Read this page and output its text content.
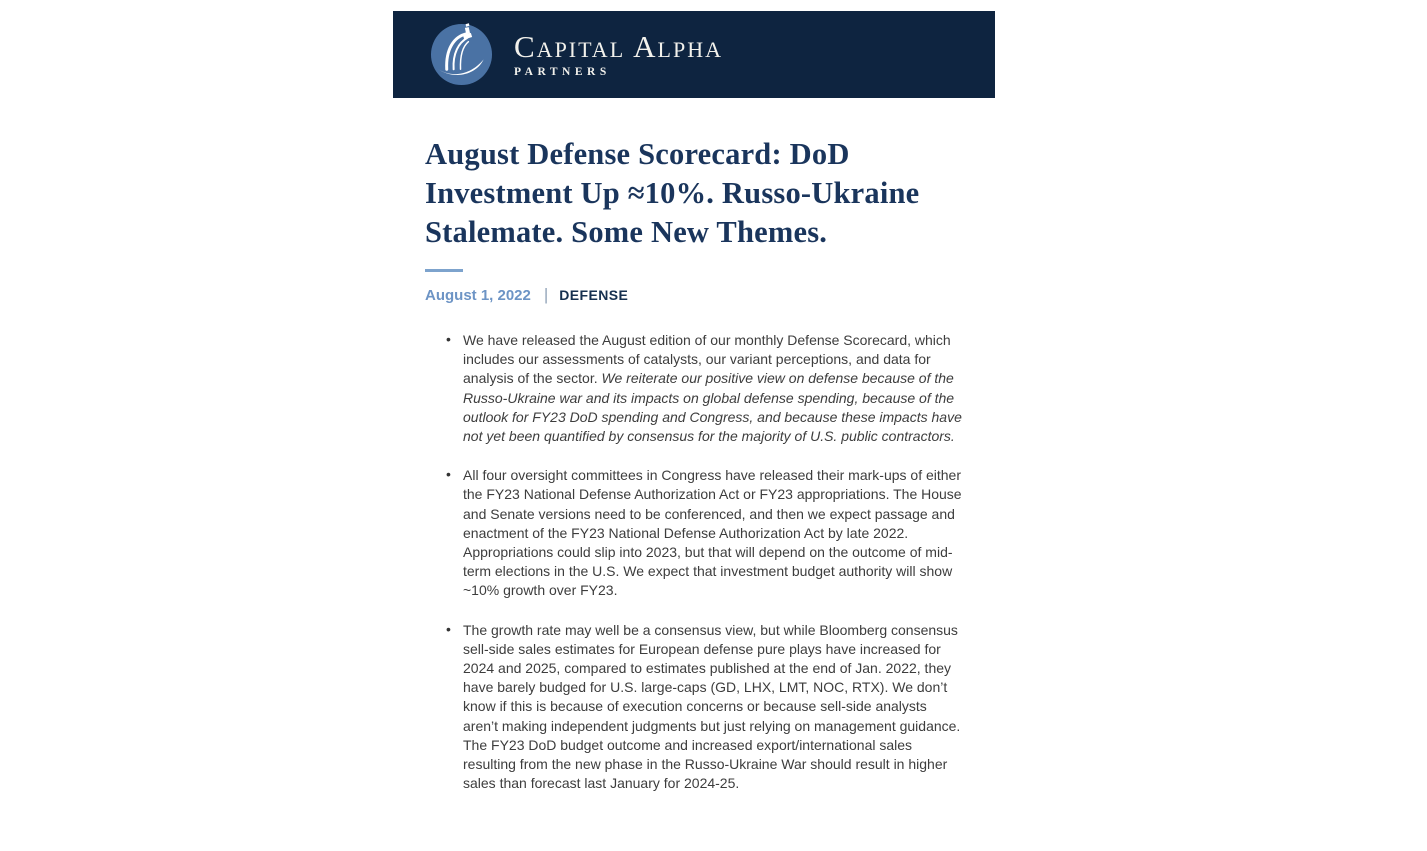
Capital Alpha
PARTNERS
August Defense Scorecard: DoD Investment Up ≈10%. Russo-Ukraine Stalemate. Some New Themes.
August 1, 2022 | DEFENSE
• We have released the August edition of our monthly Defense Scorecard, which includes our assessments of catalysts, our variant perceptions, and data for analysis of the sector. We reiterate our positive view on defense because of the Russo-Ukraine war and its impacts on global defense spending, because of the outlook for FY23 DoD spending and Congress, and because these impacts have not yet been quantified by consensus for the majority of U.S. public contractors.
• All four oversight committees in Congress have released their mark-ups of either the FY23 National Defense Authorization Act or FY23 appropriations. The House and Senate versions need to be conferenced, and then we expect passage and enactment of the FY23 National Defense Authorization Act by late 2022. Appropriations could slip into 2023, but that will depend on the outcome of mid-term elections in the U.S. We expect that investment budget authority will show ~10% growth over FY23.
• The growth rate may well be a consensus view, but while Bloomberg consensus sell-side sales estimates for European defense pure plays have increased for 2024 and 2025, compared to estimates published at the end of Jan. 2022, they have barely budged for U.S. large-caps (GD, LHX, LMT, NOC, RTX). We don’t know if this is because of execution concerns or because sell-side analysts aren’t making independent judgments but just relying on management guidance. The FY23 DoD budget outcome and increased export/international sales resulting from the new phase in the Russo-Ukraine War should result in higher sales than forecast last January for 2024-25.
